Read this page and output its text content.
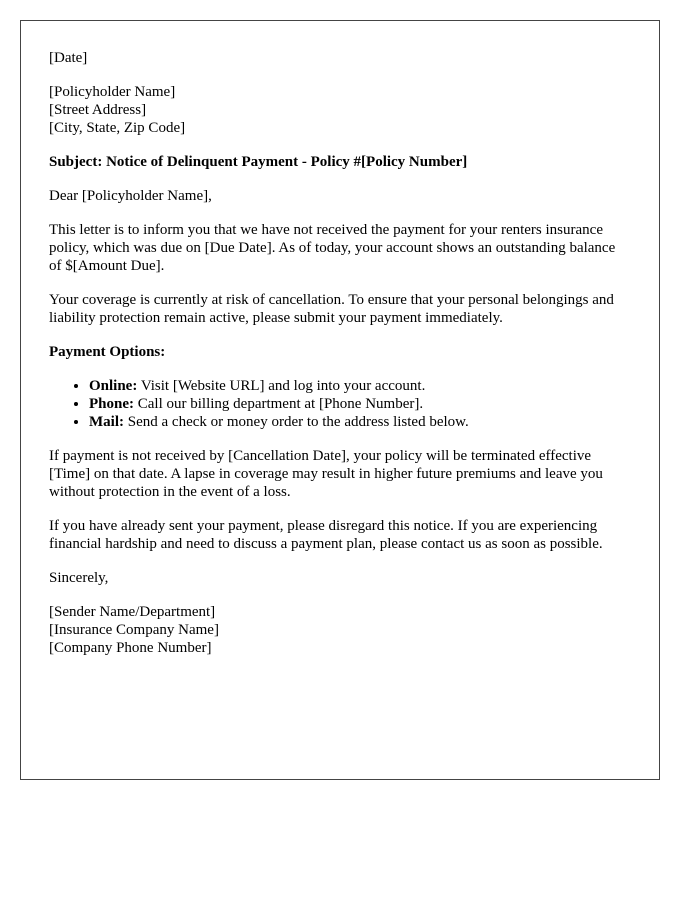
[Date]

[Policyholder Name]
[Street Address]
[City, State, Zip Code]

Subject: Notice of Delinquent Payment - Policy #[Policy Number]

Dear [Policyholder Name],

This letter is to inform you that we have not received the payment for your renters insurance policy, which was due on [Due Date]. As of today, your account shows an outstanding balance of $[Amount Due].

Your coverage is currently at risk of cancellation. To ensure that your personal belongings and liability protection remain active, please submit your payment immediately.

Payment Options:

• Online: Visit [Website URL] and log into your account.
• Phone: Call our billing department at [Phone Number].
• Mail: Send a check or money order to the address listed below.

If payment is not received by [Cancellation Date], your policy will be terminated effective [Time] on that date. A lapse in coverage may result in higher future premiums and leave you without protection in the event of a loss.

If you have already sent your payment, please disregard this notice. If you are experiencing financial hardship and need to discuss a payment plan, please contact us as soon as possible.

Sincerely,

[Sender Name/Department]
[Insurance Company Name]
[Company Phone Number]
